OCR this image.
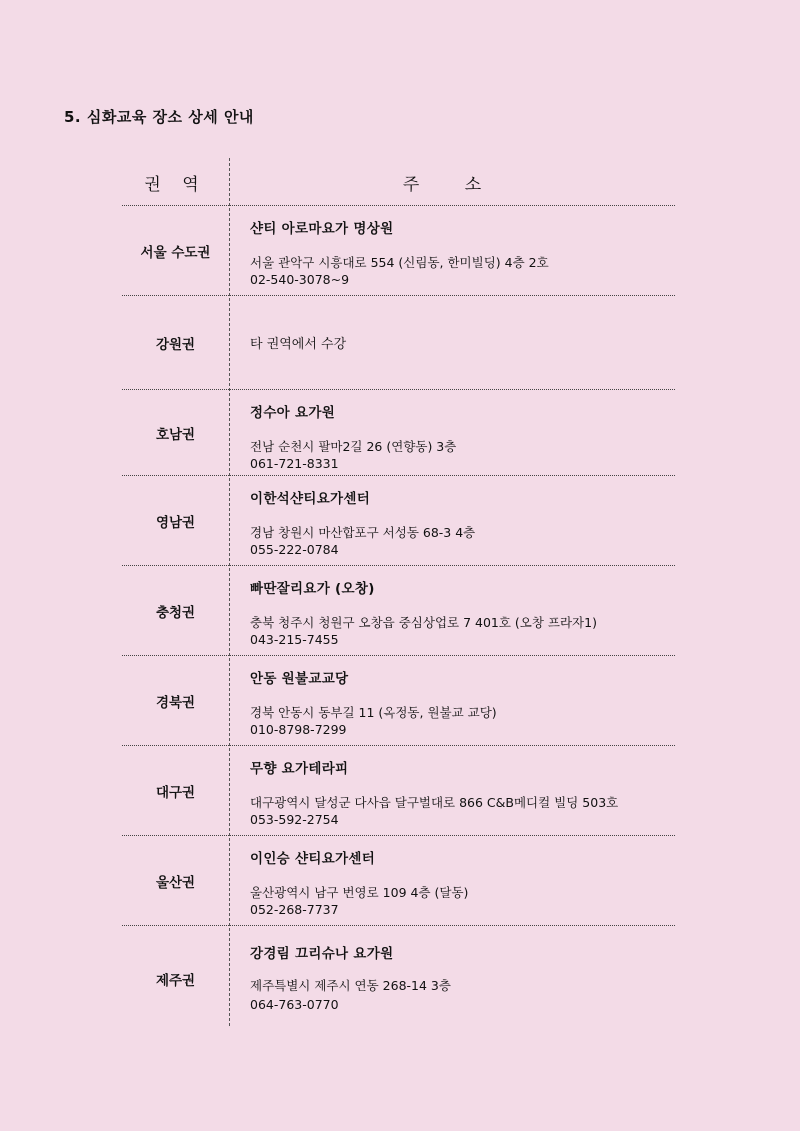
5. 심화교육 장소 상세 안내
권 역	주 소
서울 수도권
샨티 아로마요가 명상원
서울 관악구 시흥대로 554 (신림동, 한미빌딩) 4층 2호
02-540-3078~9
강원권	타 권역에서 수강
호남권
정수아 요가원
전남 순천시 팔마2길 26 (연향동) 3층
061-721-8331
영남권
이한석샨티요가센터
경남 창원시 마산합포구 서성동 68-3 4층
055-222-0784
충청권
빠딴잘리요가 (오창)
충북 청주시 청원구 오창읍 중심상업로 7 401호 (오창 프라자1)
043-215-7455
경북권
안동 원불교교당
경북 안동시 동부길 11 (옥정동, 원불교 교당)
010-8798-7299
대구권
무향 요가테라피
대구광역시 달성군 다사읍 달구벌대로 866 C&B메디컬 빌딩 503호
053-592-2754
울산권
이인승 샨티요가센터
울산광역시 남구 번영로 109 4층 (달동)
052-268-7737
제주권
강경림 끄리슈나 요가원
제주특별시 제주시 연동 268-14 3층
064-763-0770
